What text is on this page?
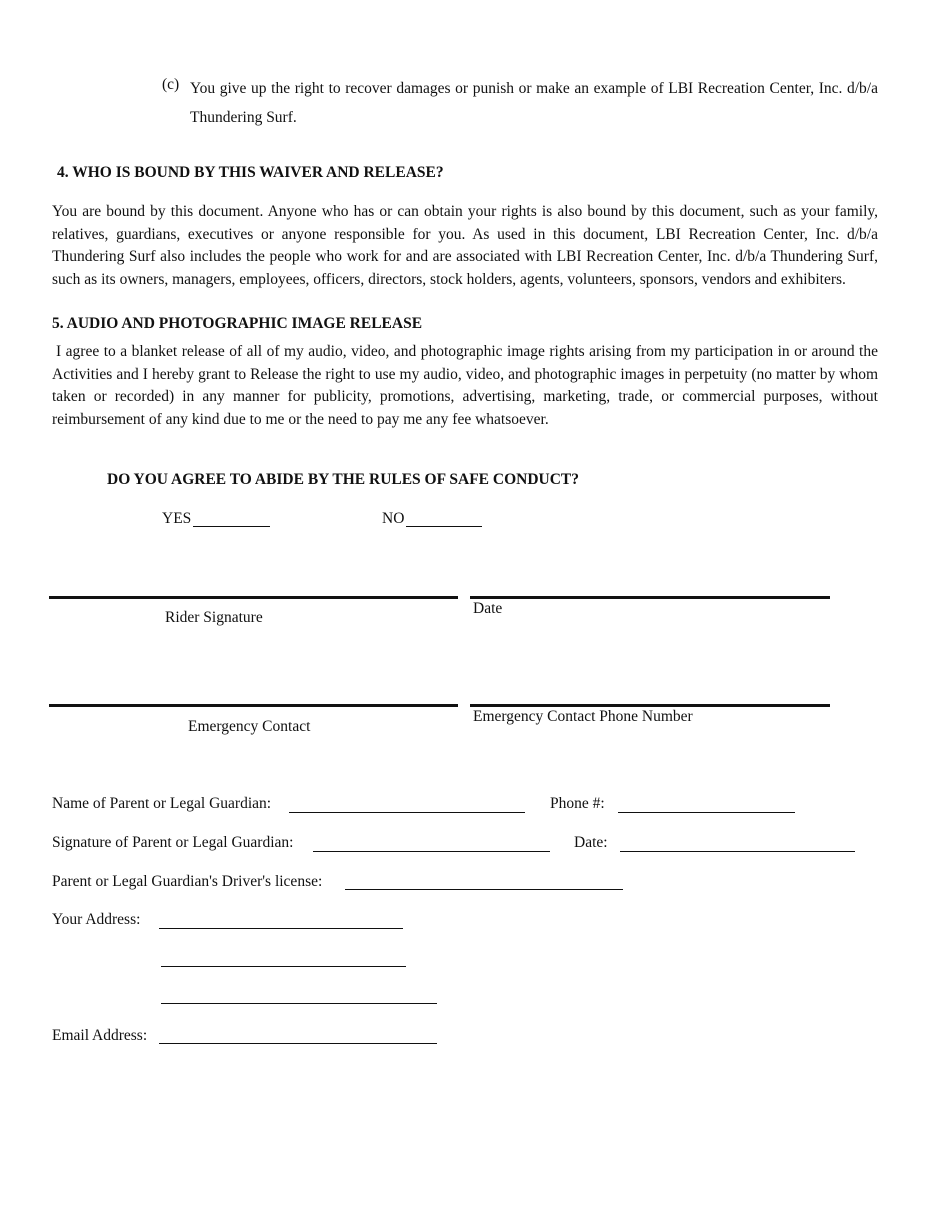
(c) You give up the right to recover damages or punish or make an example of LBI Recreation Center, Inc. d/b/a Thundering Surf.
4. WHO IS BOUND BY THIS WAIVER AND RELEASE?
You are bound by this document. Anyone who has or can obtain your rights is also bound by this document, such as your family, relatives, guardians, executives or anyone responsible for you. As used in this document, LBI Recreation Center, Inc. d/b/a Thundering Surf also includes the people who work for and are associated with LBI Recreation Center, Inc. d/b/a Thundering Surf, such as its owners, managers, employees, officers, directors, stock holders, agents, volunteers, sponsors, vendors and exhibiters.
5. AUDIO AND PHOTOGRAPHIC IMAGE RELEASE
I agree to a blanket release of all of my audio, video, and photographic image rights arising from my participation in or around the Activities and I hereby grant to Release the right to use my audio, video, and photographic images in perpetuity (no matter by whom taken or recorded) in any manner for publicity, promotions, advertising, marketing, trade, or commercial purposes, without reimbursement of any kind due to me or the need to pay me any fee whatsoever.
DO YOU AGREE TO ABIDE BY THE RULES OF SAFE CONDUCT?
YES	NO
Rider Signature
Date
Emergency Contact
Emergency Contact Phone Number
Name of Parent or Legal Guardian:	Phone #:
Signature of Parent or Legal Guardian:	Date:
Parent or Legal Guardian's Driver's license:
Your Address:
Email Address:
